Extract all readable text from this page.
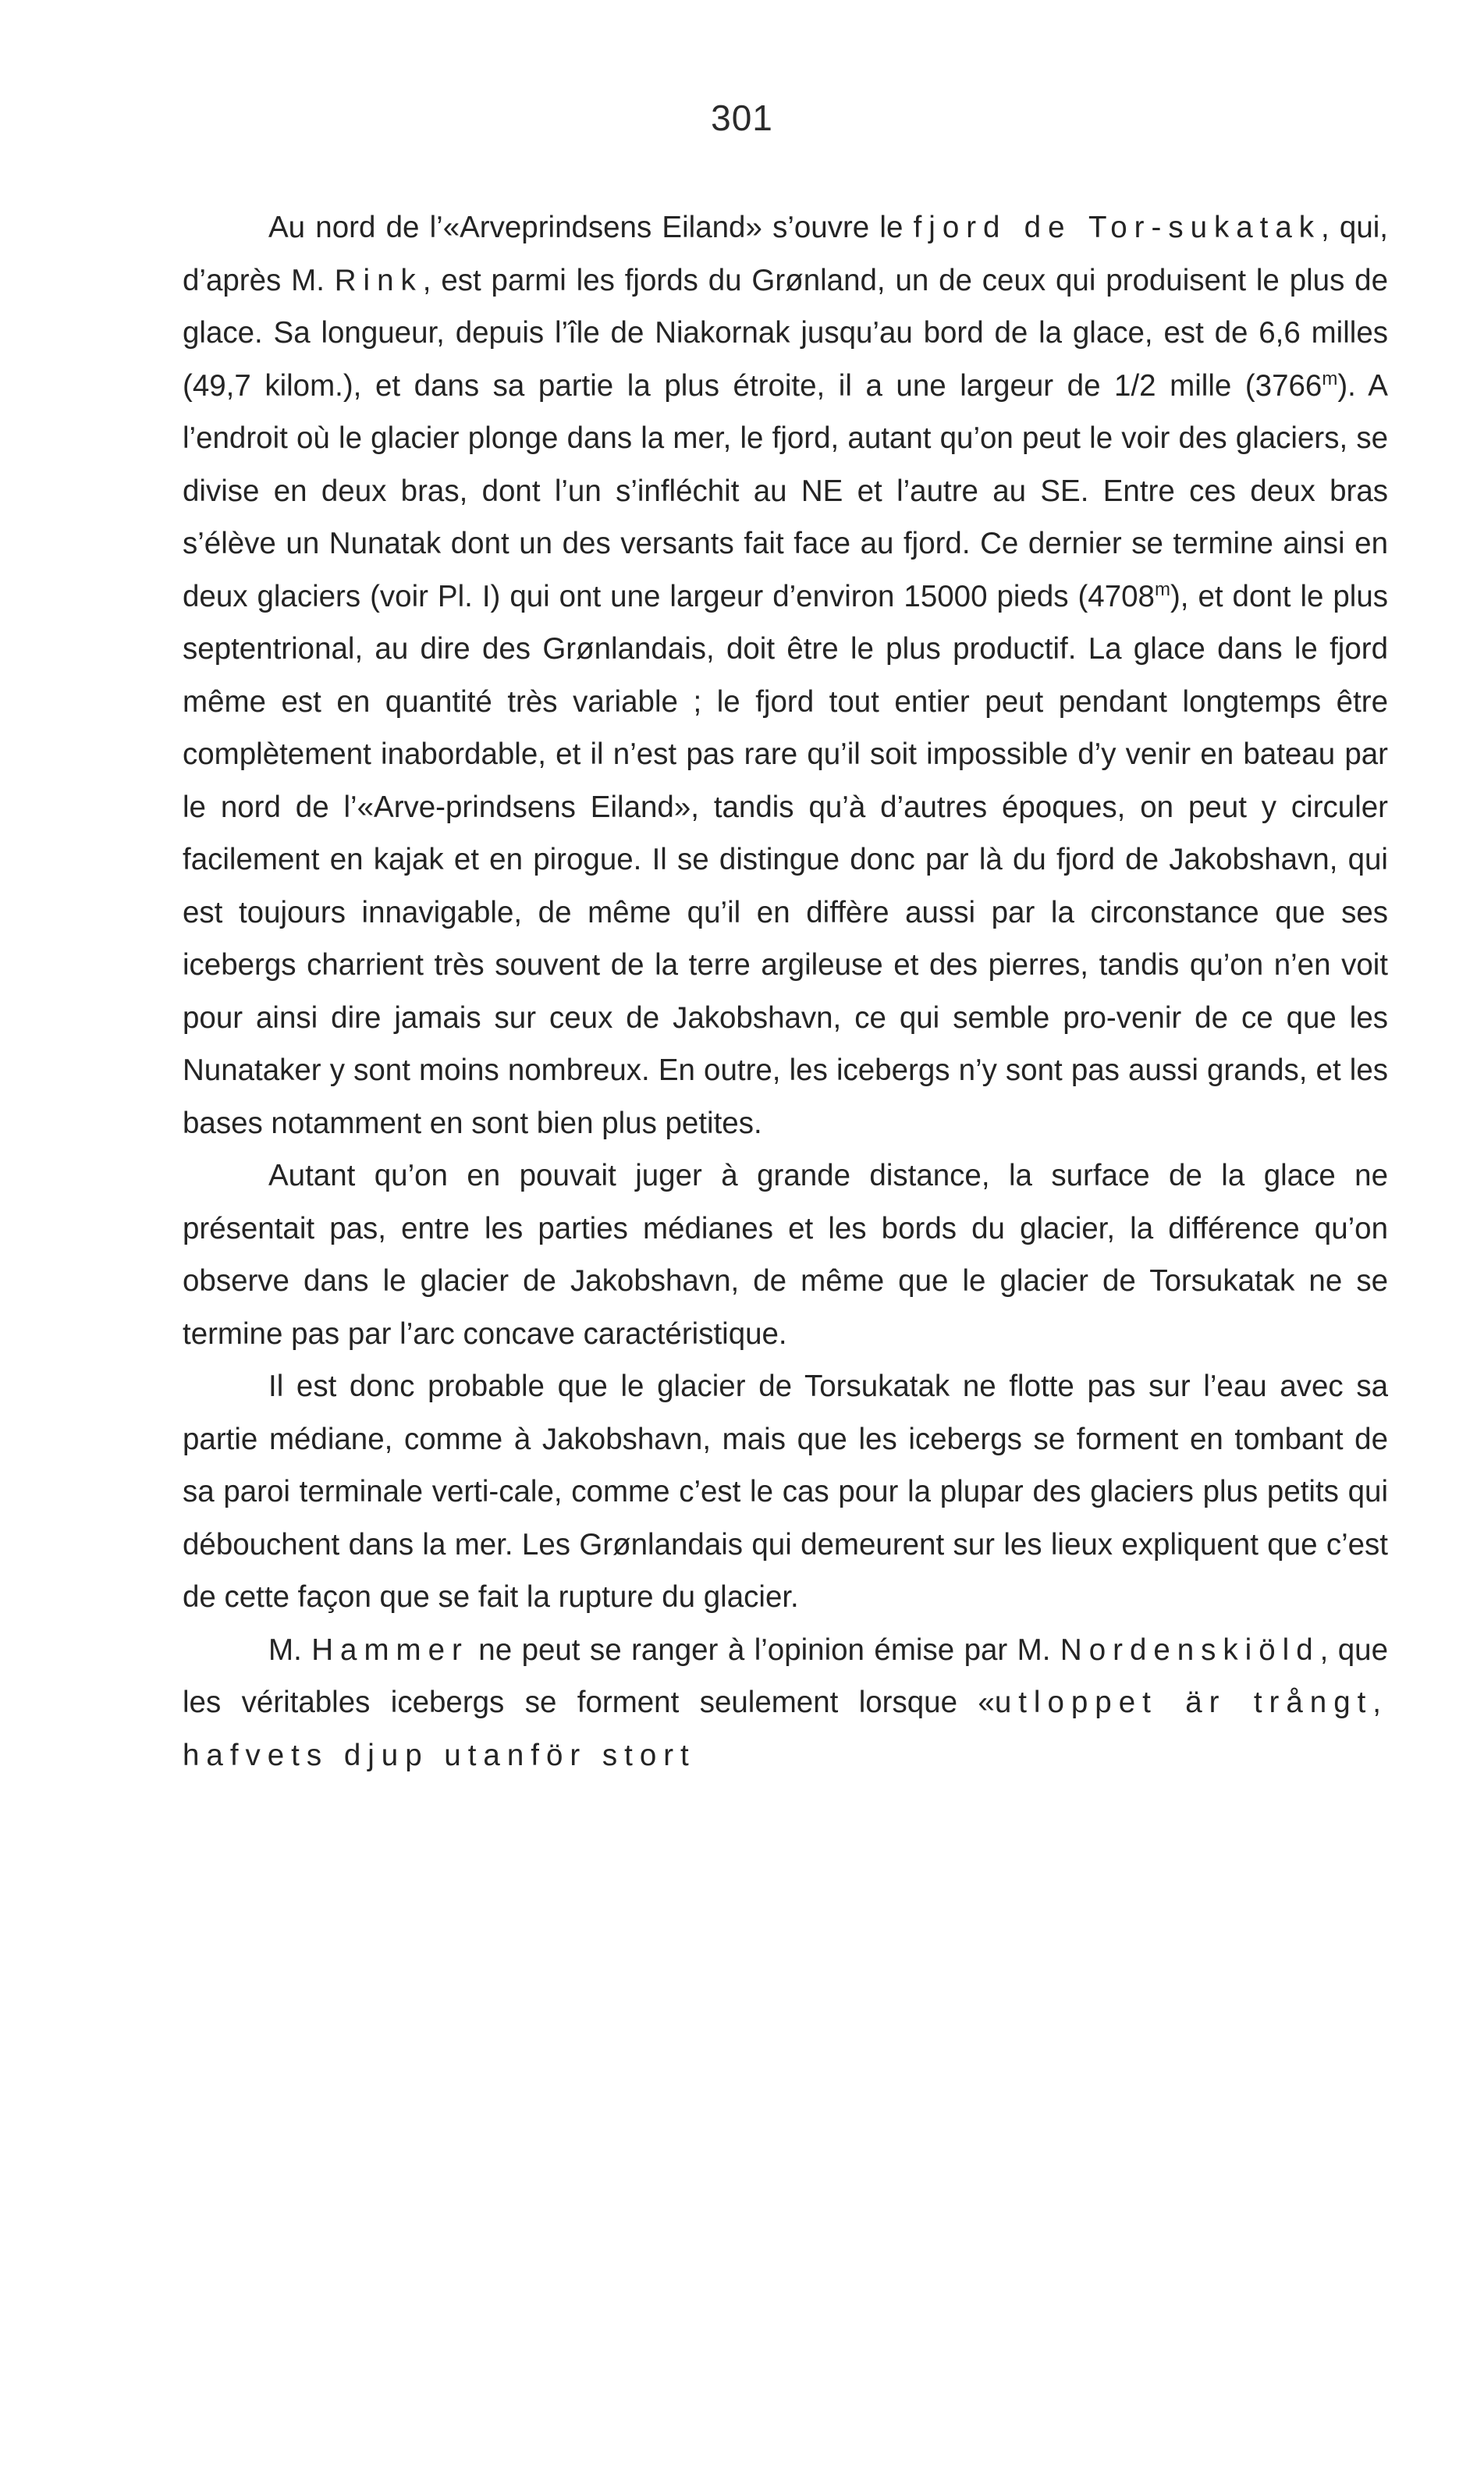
301

Au nord de l’«Arveprindsens Eiland» s’ouvre le fjord de Tor-sukatak, qui, d’après M. Rink, est parmi les fjords du Grønland, un de ceux qui produisent le plus de glace. Sa longueur, depuis l’île de Niakornak jusqu’au bord de la glace, est de 6,6 milles (49,7 kilom.), et dans sa partie la plus étroite, il a une largeur de 1/2 mille (3766$^m$). A l’endroit où le glacier plonge dans la mer, le fjord, autant qu’on peut le voir des glaciers, se divise en deux bras, dont l’un s’infléchit au NE et l’autre au SE. Entre ces deux bras s’élève un Nunatak dont un des versants fait face au fjord. Ce dernier se termine ainsi en deux glaciers (voir Pl. I) qui ont une largeur d’environ 15000 pieds (4708$^m$), et dont le plus septentrional, au dire des Grønlandais, doit être le plus productif. La glace dans le fjord même est en quantité très variable ; le fjord tout entier peut pendant longtemps être complètement inabordable, et il n’est pas rare qu’il soit impossible d’y venir en bateau par le nord de l’«Arve-prindsens Eiland», tandis qu’à d’autres époques, on peut y circuler facilement en kajak et en pirogue. Il se distingue donc par là du fjord de Jakobshavn, qui est toujours innavigable, de même qu’il en diffère aussi par la circonstance que ses icebergs charrient très souvent de la terre argileuse et des pierres, tandis qu’on n’en voit pour ainsi dire jamais sur ceux de Jakobshavn, ce qui semble pro-venir de ce que les Nunataker y sont moins nombreux. En outre, les icebergs n’y sont pas aussi grands, et les bases notamment en sont bien plus petites.

Autant qu’on en pouvait juger à grande distance, la surface de la glace ne présentait pas, entre les parties médianes et les bords du glacier, la différence qu’on observe dans le glacier de Jakobshavn, de même que le glacier de Torsukatak ne se termine pas par l’arc concave caractéristique.

Il est donc probable que le glacier de Torsukatak ne flotte pas sur l’eau avec sa partie médiane, comme à Jakobshavn, mais que les icebergs se forment en tombant de sa paroi terminale verti-cale, comme c’est le cas pour la plupar des glaciers plus petits qui débouchent dans la mer. Les Grønlandais qui demeurent sur les lieux expliquent que c’est de cette façon que se fait la rupture du glacier.

M. Hammer ne peut se ranger à l’opinion émise par M. Nordenskiöld, que les véritables icebergs se forment seulement lorsque «utloppet är trångt, hafvets djup utanför stort
